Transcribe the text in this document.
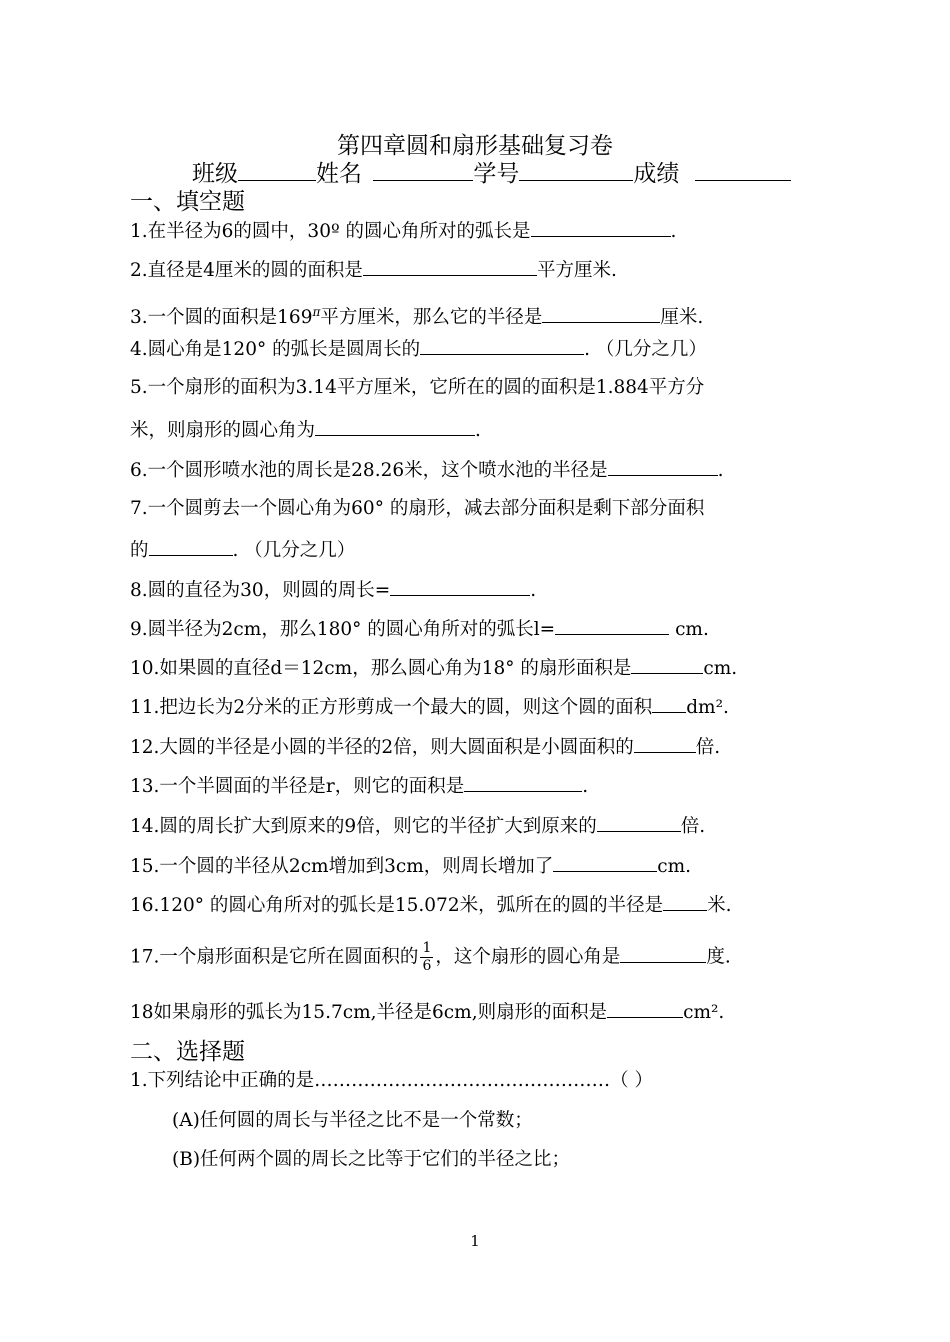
第四章圆和扇形基础复习卷
班级	姓名	学号	成绩
一、填空题
1.在半径为6的圆中，30º 的圆心角所对的弧长是	.
2.直径是4厘米的圆的面积是	平方厘米.
3.一个圆的面积是$169^\pi$平方厘米，那么它的半径是	厘米.
4.圆心角是120° 的弧长是圆周长的	. （几分之几）
5.一个扇形的面积为3.14平方厘米，它所在的圆的面积是1.884平方分
米，则扇形的圆心角为	.
6.一个圆形喷水池的周长是28.26米，这个喷水池的半径是	.
7.一个圆剪去一个圆心角为60° 的扇形，减去部分面积是剩下部分面积
的	. （几分之几）
8.圆的直径为30，则圆的周长=	.
9.圆半径为2cm，那么180° 的圆心角所对的弧长l=	cm.
10.如果圆的直径d＝12cm，那么圆心角为18° 的扇形面积是	cm.
11.把边长为2分米的正方形剪成一个最大的圆，则这个圆的面积 dm².
12.大圆的半径是小圆的半径的2倍，则大圆面积是小圆面积的	倍.
13.一个半圆面的半径是r，则它的面积是	.
14.圆的周长扩大到原来的9倍，则它的半径扩大到原来的	倍.
15.一个圆的半径从2cm增加到3cm，则周长增加了	cm.
16.120° 的圆心角所对的弧长是15.072米，弧所在的圆的半径是 米.
17.一个扇形面积是它所在圆面积的 $\frac{1}{6}$ ，这个扇形的圆心角是	度.
18如果扇形的弧长为15.7cm,半径是6cm,则扇形的面积是	cm².
二、选择题
1.下列结论中正确的是…………………………………………（ ）
(A)任何圆的周长与半径之比不是一个常数；
(B)任何两个圆的周长之比等于它们的半径之比；
1
